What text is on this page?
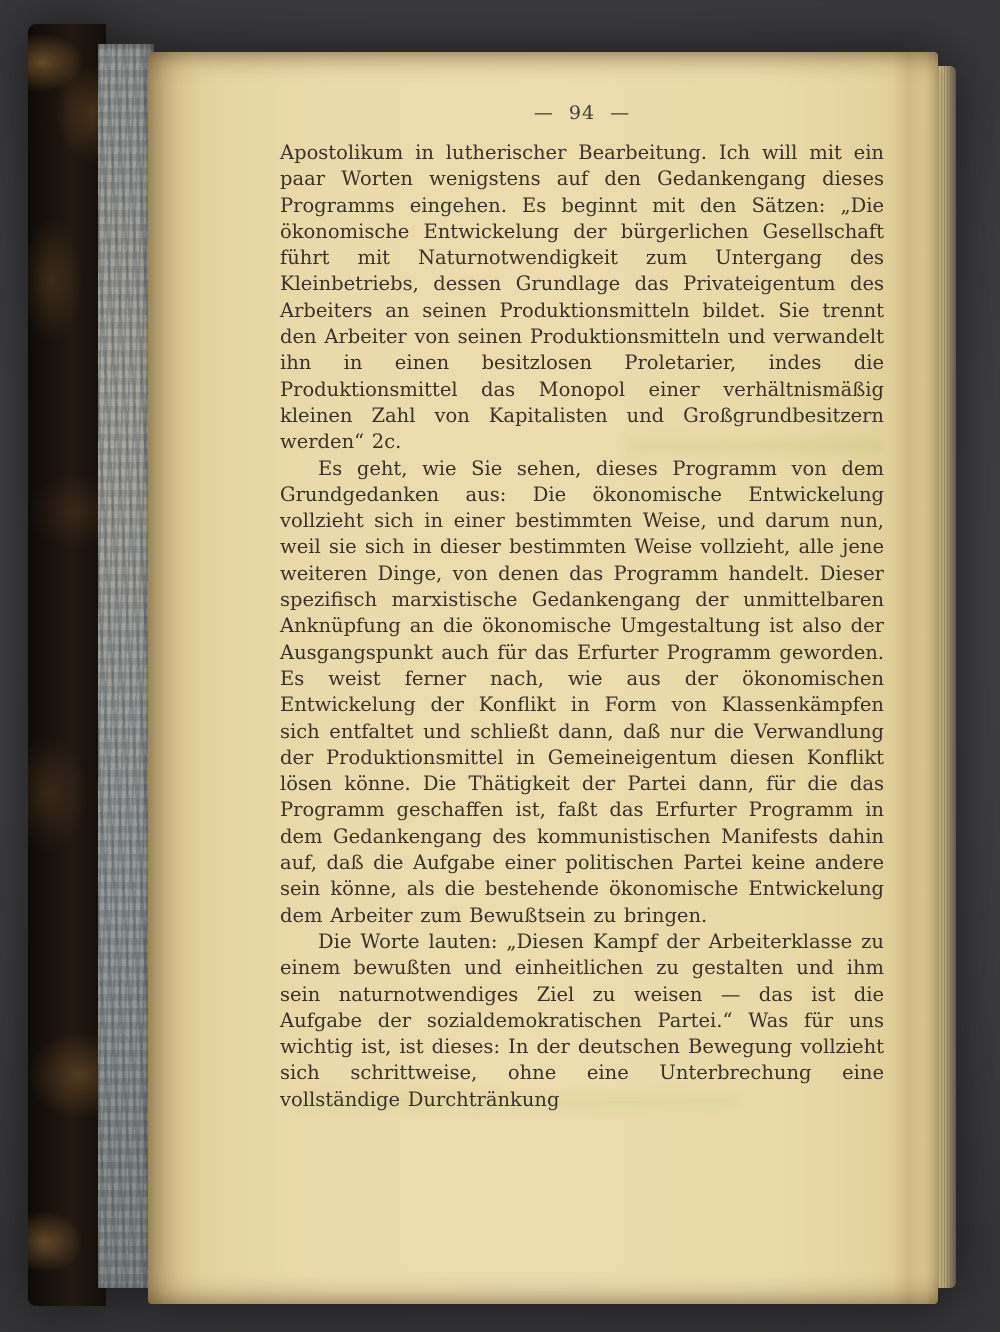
— 94 —

Apostolikum in lutherischer Bearbeitung. Ich will mit ein paar Worten wenigstens auf den Gedankengang dieses Programms eingehen. Es beginnt mit den Sätzen: „Die ökonomische Entwickelung der bürgerlichen Gesellschaft führt mit Naturnotwendigkeit zum Untergang des Kleinbetriebs, dessen Grundlage das Privateigentum des Arbeiters an seinen Produktionsmitteln bildet. Sie trennt den Arbeiter von seinen Produktionsmitteln und verwandelt ihn in einen besitzlosen Proletarier, indes die Produktionsmittel das Monopol einer verhältnismäßig kleinen Zahl von Kapitalisten und Großgrundbesitzern werden“ 2c.

Es geht, wie Sie sehen, dieses Programm von dem Grundgedanken aus: Die ökonomische Entwickelung vollzieht sich in einer bestimmten Weise, und darum nun, weil sie sich in dieser bestimmten Weise vollzieht, alle jene weiteren Dinge, von denen das Programm handelt. Dieser spezifisch marxistische Gedankengang der unmittelbaren Anknüpfung an die ökonomische Umgestaltung ist also der Ausgangspunkt auch für das Erfurter Programm geworden. Es weist ferner nach, wie aus der ökonomischen Entwickelung der Konflikt in Form von Klassenkämpfen sich entfaltet und schließt dann, daß nur die Verwandlung der Produktionsmittel in Gemeineigentum diesen Konflikt lösen könne. Die Thätigkeit der Partei dann, für die das Programm geschaffen ist, faßt das Erfurter Programm in dem Gedankengang des kommunistischen Manifests dahin auf, daß die Aufgabe einer politischen Partei keine andere sein könne, als die bestehende ökonomische Entwickelung dem Arbeiter zum Bewußtsein zu bringen.

Die Worte lauten: „Diesen Kampf der Arbeiterklasse zu einem bewußten und einheitlichen zu gestalten und ihm sein naturnotwendiges Ziel zu weisen — das ist die Aufgabe der sozialdemokratischen Partei.“ Was für uns wichtig ist, ist dieses: In der deutschen Bewegung vollzieht sich schrittweise, ohne eine Unterbrechung eine vollständige Durchtränkung
